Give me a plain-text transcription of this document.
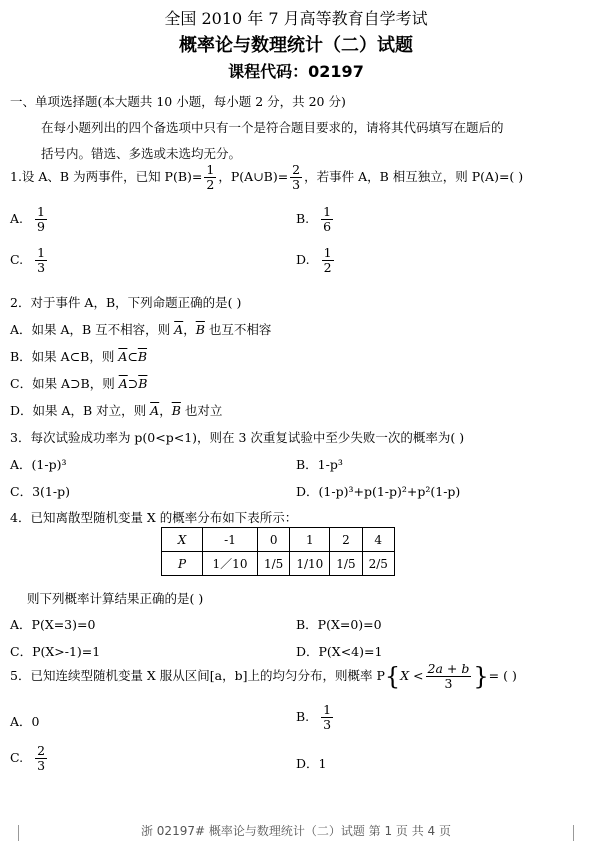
全国 2010 年 7 月高等教育自学考试
概率论与数理统计（二）试题
课程代码：02197
一、单项选择题(本大题共 10 小题，每小题 2 分，共 20 分)
在每小题列出的四个备选项中只有一个是符合题目要求的，请将其代码填写在题后的
括号内。错选、多选或未选均无分。
1.设 A、B 为两事件，已知 $P(B)= \frac{1}{2}$ ，P(A∪B)= $\frac{2}{3}$ ，若事件 A，B 相互独立，则 P(A)=( )
A. $\frac{1}{9}$	B. $\frac{1}{6}$
C. $\frac{1}{3}$	D. $\frac{1}{2}$
2．对于事件 A，B，下列命题正确的是( )
A．如果 A，B 互不相容，则 $\overline{A}$，$\overline{B}$ 也互不相容
B．如果 A⊂B，则 $\overline{A}\subset\overline{B}$
C．如果 A⊃B，则 $\overline{A}⊃\overline{B}$
D．如果 A，B 对立，则 $\overline{A}$，$\overline{B}$ 也对立
3．每次试验成功率为 p(0<p<1)，则在 3 次重复试验中至少失败一次的概率为( )
A．(1-p)³	B．1-p³
C．3(1-p)	D．(1-p)³+p(1-p)²+p²(1-p)
4．已知离散型随机变量 X 的概率分布如下表所示：
X	-1	0	1	2	4
P	1／10	1/5	1/10	1/5	2/5
则下列概率计算结果正确的是( )
A．P(X=3)=0	B．P(X=0)=0
C．P(X>-1)=1	D．P(X<4)=1
5．已知连续型随机变量 X 服从区间[a，b]上的均匀分布，则概率 $P\{X < \frac{2a + b}{3}$ }= ( )
A．0	B. $\frac{1}{3}$
C. $\frac{2}{3}$	D．1
浙 02197# 概率论与数理统计（二）试题 第 1 页 共 4 页
